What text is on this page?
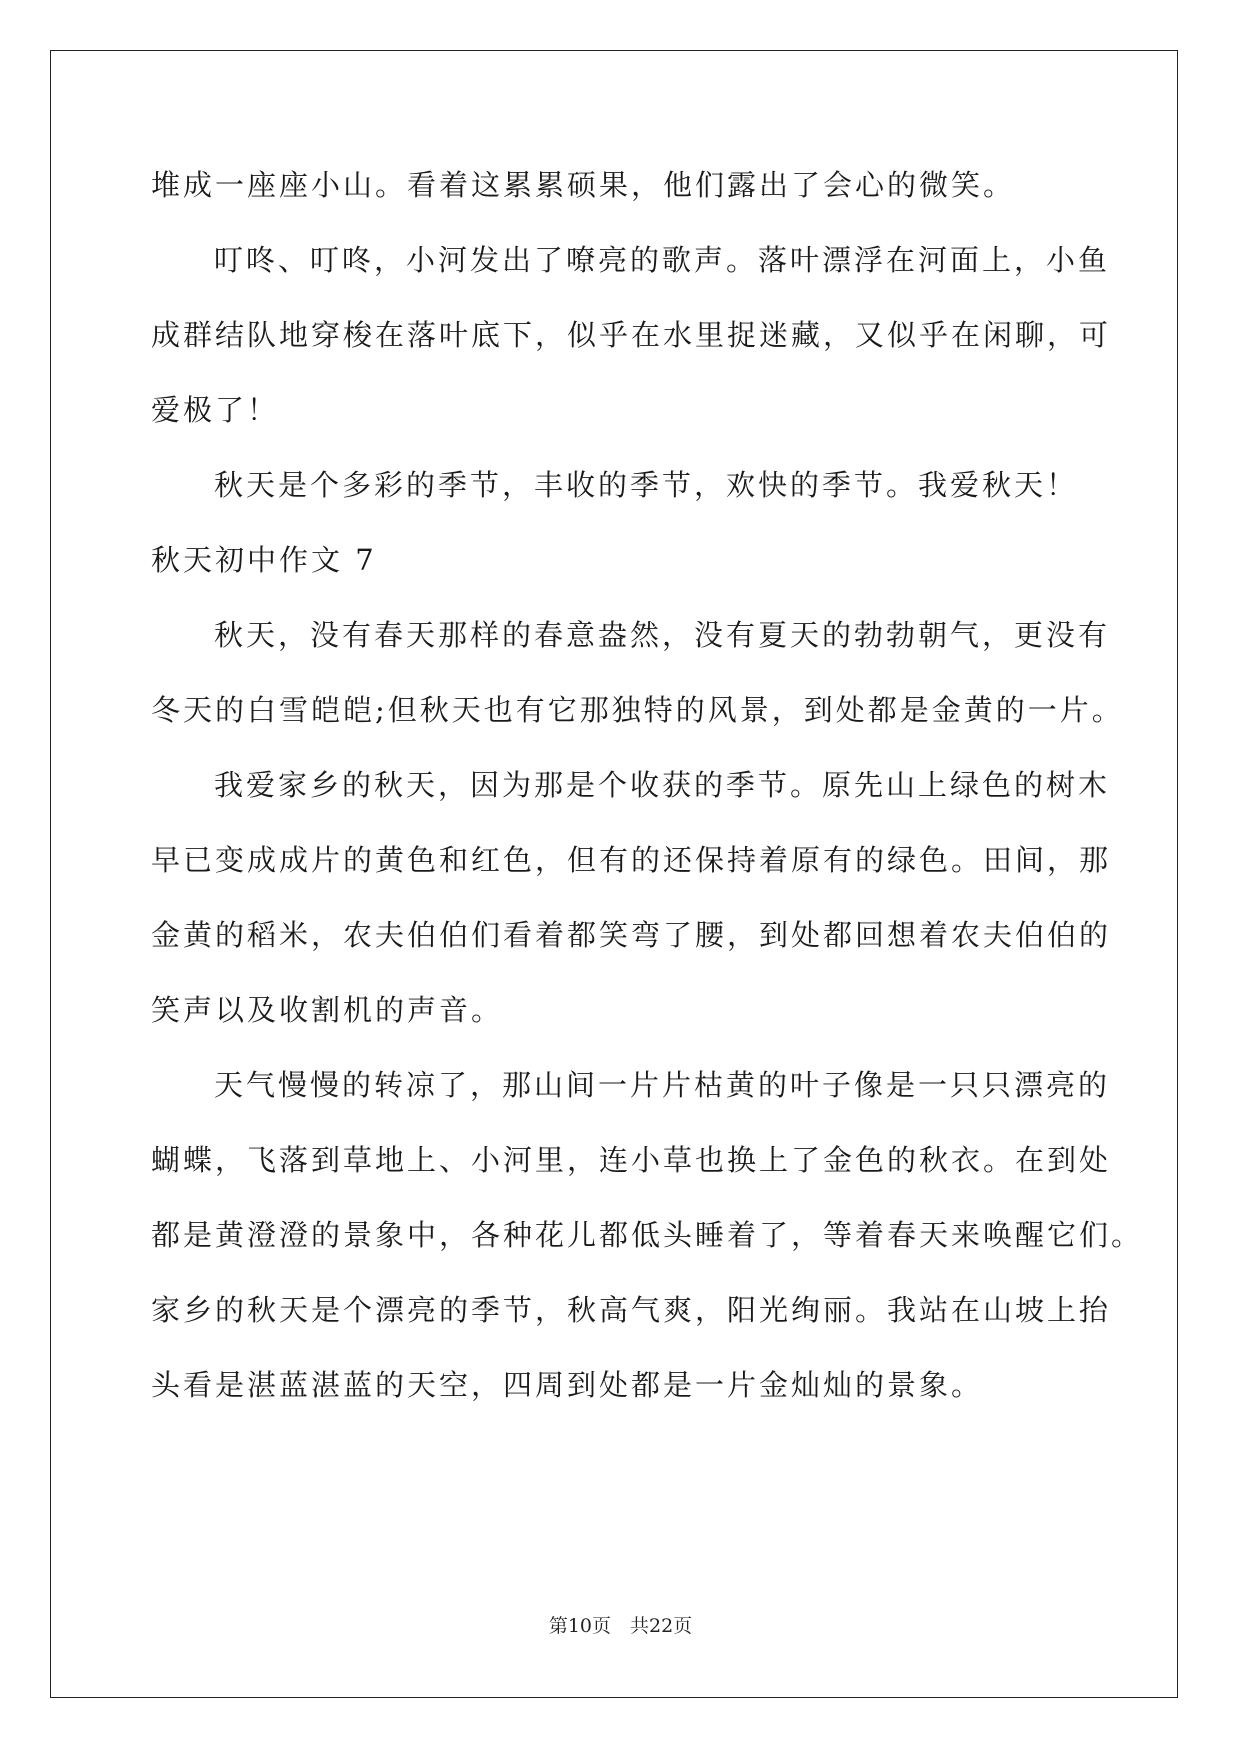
堆成一座座小山。看着这累累硕果，他们露出了会心的微笑。
叮咚、叮咚，小河发出了嘹亮的歌声。落叶漂浮在河面上，小鱼
成群结队地穿梭在落叶底下，似乎在水里捉迷藏，又似乎在闲聊，可
爱极了！
秋天是个多彩的季节，丰收的季节，欢快的季节。我爱秋天！
秋天初中作文 7
秋天，没有春天那样的春意盎然，没有夏天的勃勃朝气，更没有
冬天的白雪皑皑;但秋天也有它那独特的风景，到处都是金黄的一片。
我爱家乡的秋天，因为那是个收获的季节。原先山上绿色的树木
早已变成成片的黄色和红色，但有的还保持着原有的绿色。田间，那
金黄的稻米，农夫伯伯们看着都笑弯了腰，到处都回想着农夫伯伯的
笑声以及收割机的声音。
天气慢慢的转凉了，那山间一片片枯黄的叶子像是一只只漂亮的
蝴蝶，飞落到草地上、小河里，连小草也换上了金色的秋衣。在到处
都是黄澄澄的景象中，各种花儿都低头睡着了，等着春天来唤醒它们。
家乡的秋天是个漂亮的季节，秋高气爽，阳光绚丽。我站在山坡上抬
头看是湛蓝湛蓝的天空，四周到处都是一片金灿灿的景象。
第10页　共22页
